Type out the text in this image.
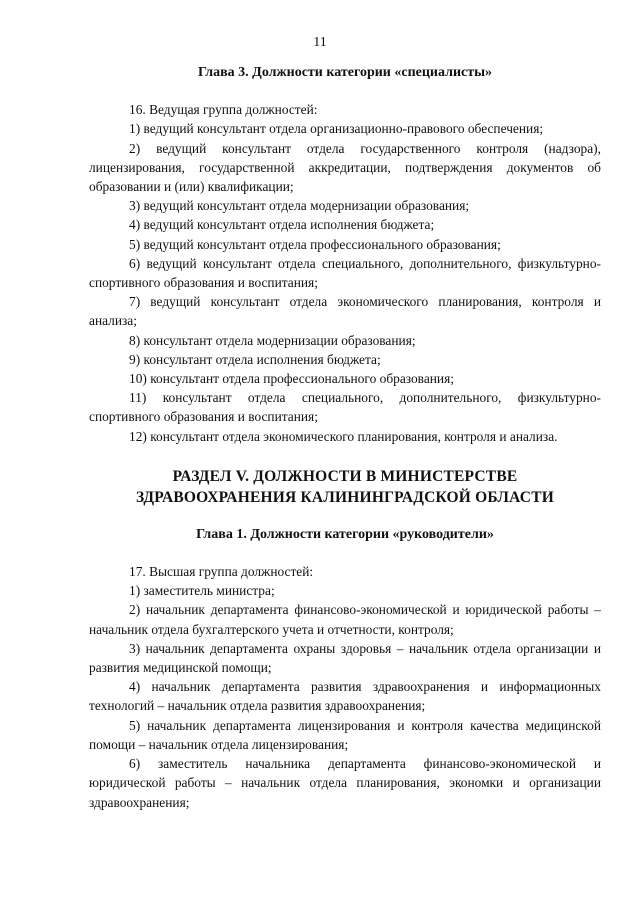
11

Глава 3. Должности категории «специалисты»

16. Ведущая группа должностей:

1) ведущий консультант отдела организационно-правового обеспечения;

2) ведущий консультант отдела государственного контроля (надзора), лицензирования, государственной аккредитации, подтверждения документов об образовании и (или) квалификации;

3) ведущий консультант отдела модернизации образования;

4) ведущий консультант отдела исполнения бюджета;

5) ведущий консультант отдела профессионального образования;

6) ведущий консультант отдела специального, дополнительного, физкультурно-спортивного образования и воспитания;

7) ведущий консультант отдела экономического планирования, контроля и анализа;

8) консультант отдела модернизации образования;

9) консультант отдела исполнения бюджета;

10) консультант отдела профессионального образования;

11) консультант отдела специального, дополнительного, физкультурно-спортивного образования и воспитания;

12) консультант отдела экономического планирования, контроля и анализа.

РАЗДЕЛ V. ДОЛЖНОСТИ В МИНИСТЕРСТВЕ

ЗДРАВООХРАНЕНИЯ КАЛИНИНГРАДСКОЙ ОБЛАСТИ

Глава 1. Должности категории «руководители»

17. Высшая группа должностей:

1) заместитель министра;

2) начальник департамента финансово-экономической и юридической работы – начальник отдела бухгалтерского учета и отчетности, контроля;

3) начальник департамента охраны здоровья – начальник отдела организации и развития медицинской помощи;

4) начальник департамента развития здравоохранения и информационных технологий – начальник отдела развития здравоохранения;

5) начальник департамента лицензирования и контроля качества медицинской помощи – начальник отдела лицензирования;

6) заместитель начальника департамента финансово-экономической и юридической работы – начальник отдела планирования, экономки и организации здравоохранения;
